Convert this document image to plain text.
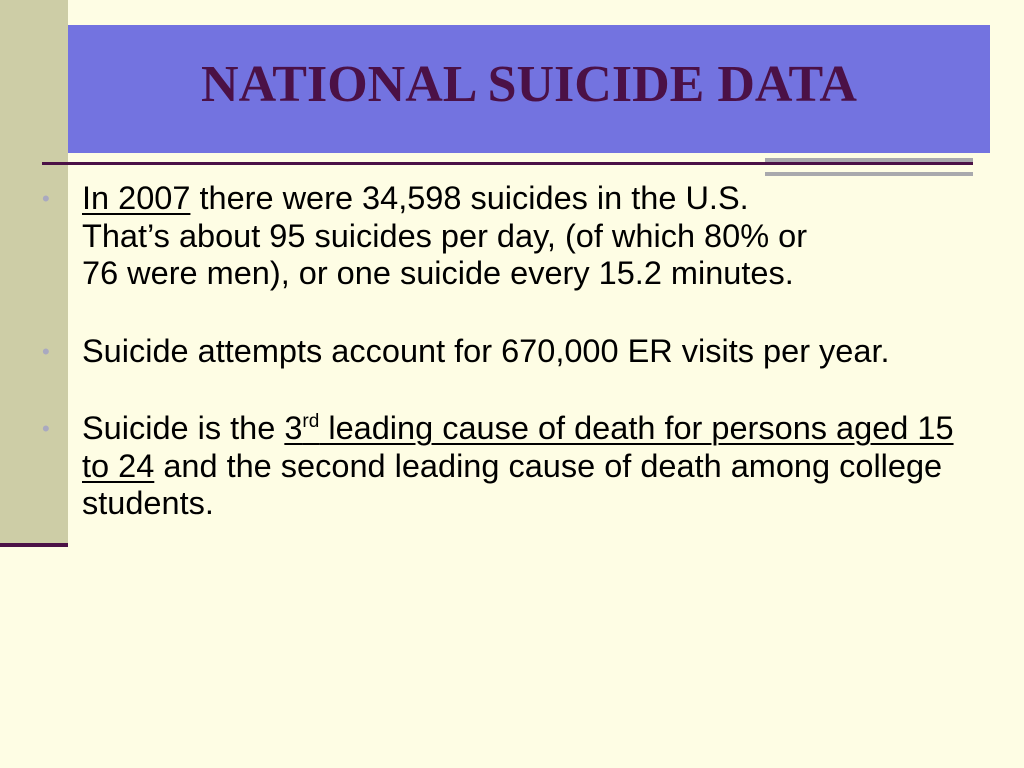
NATIONAL SUICIDE DATA
• In 2007 there were 34,598 suicides in the U.S.
That’s about 95 suicides per day, (of which 80% or
76 were men), or one suicide every 15.2 minutes.
• Suicide attempts account for 670,000 ER visits per year.
• Suicide is the 3rd leading cause of death for persons aged 15 to 24 and the second leading cause of death among college students.
